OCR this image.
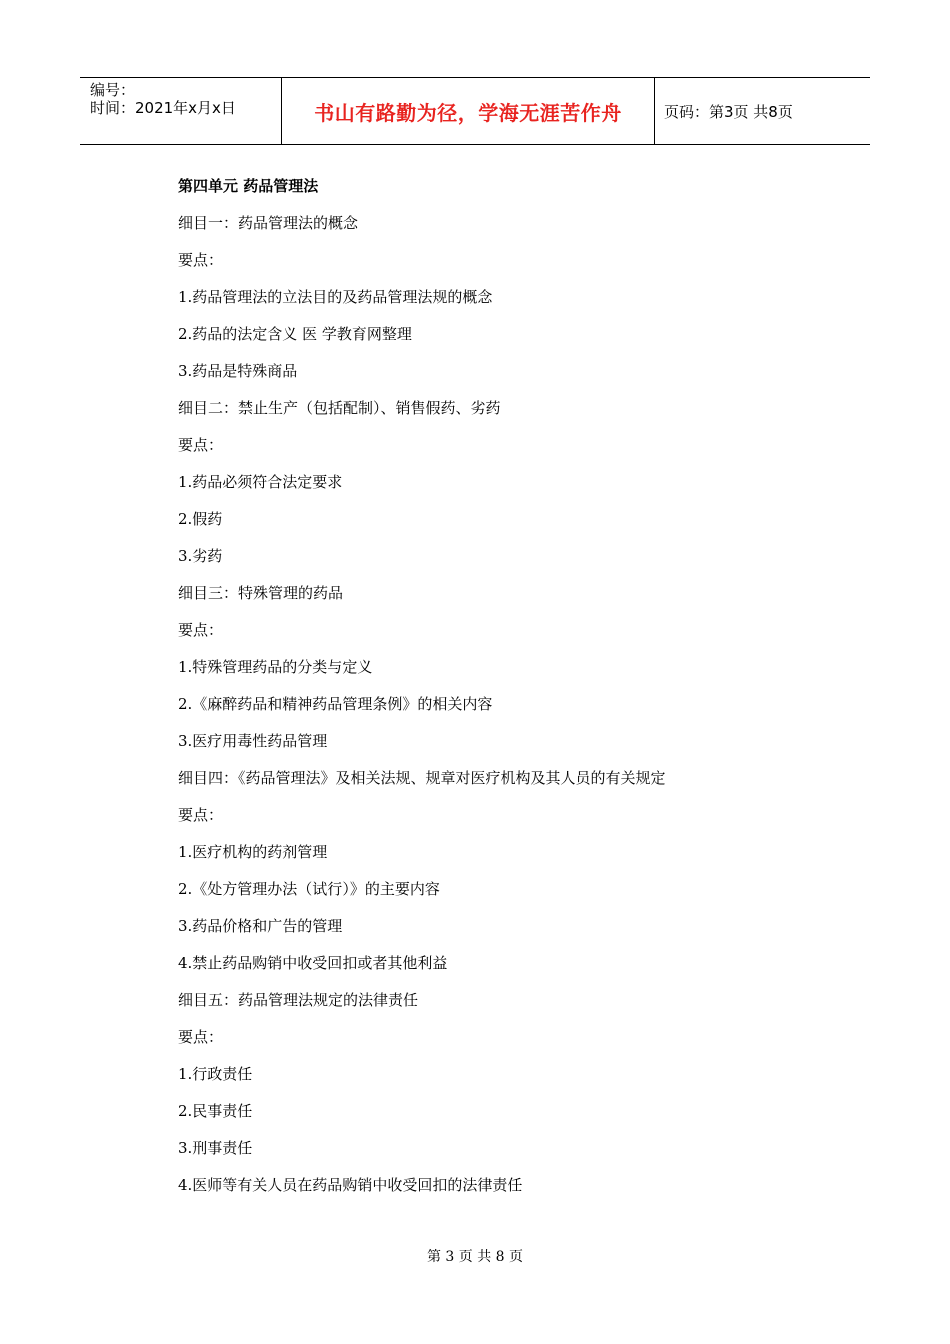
编号：
时间：2021年x月x日	书山有路勤为径，学海无涯苦作舟	页码：第3页 共8页
第四单元 药品管理法
细目一：药品管理法的概念
要点：
1.药品管理法的立法目的及药品管理法规的概念
2.药品的法定含义 医 学教育网整理
3.药品是特殊商品
细目二：禁止生产（包括配制）、销售假药、劣药
要点：
1.药品必须符合法定要求
2.假药
3.劣药
细目三：特殊管理的药品
要点：
1.特殊管理药品的分类与定义
2.《麻醉药品和精神药品管理条例》的相关内容
3.医疗用毒性药品管理
细目四：《药品管理法》及相关法规、规章对医疗机构及其人员的有关规定
要点：
1.医疗机构的药剂管理
2.《处方管理办法（试行）》的主要内容
3.药品价格和广告的管理
4.禁止药品购销中收受回扣或者其他利益
细目五：药品管理法规定的法律责任
要点：
1.行政责任
2.民事责任
3.刑事责任
4.医师等有关人员在药品购销中收受回扣的法律责任
第 3 页 共 8 页
